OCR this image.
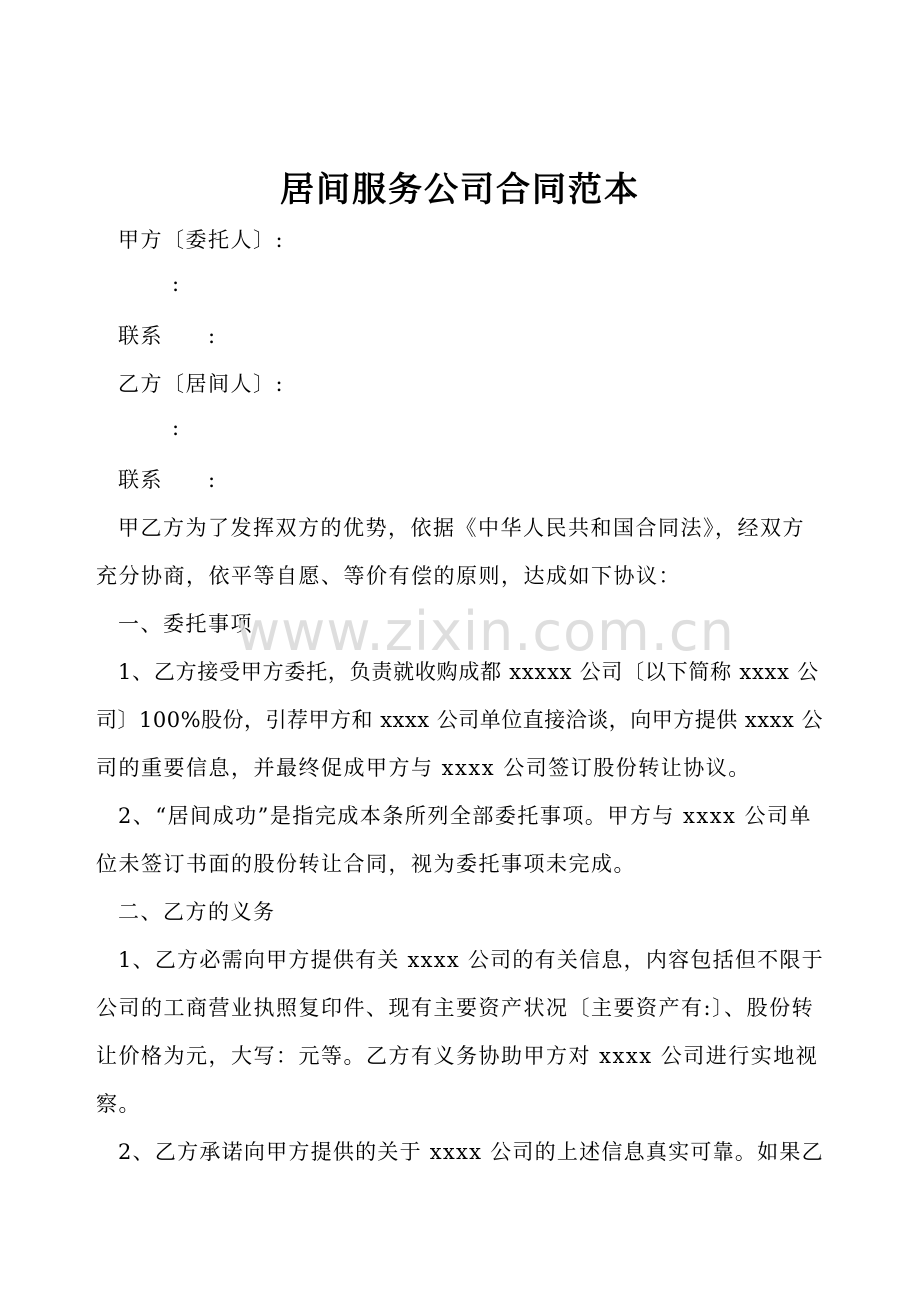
居间服务公司合同范本
甲方〔委托人〕:
:
联系　　:
乙方〔居间人〕:
:
联系　　:
甲乙方为了发挥双方的优势，依据《中华人民共和国合同法》，经双方
充分协商，依平等自愿、等价有偿的原则，达成如下协议：
一、委托事项
1、乙方接受甲方委托，负责就收购成都 xxxxx 公司〔以下简称 xxxx 公
司〕100%股份，引荐甲方和 xxxx 公司单位直接洽谈，向甲方提供 xxxx 公
司的重要信息，并最终促成甲方与 xxxx 公司签订股份转让协议。
2、“居间成功”是指完成本条所列全部委托事项。甲方与 xxxx 公司单
位未签订书面的股份转让合同，视为委托事项未完成。
二、乙方的义务
1、乙方必需向甲方提供有关 xxxx 公司的有关信息，内容包括但不限于
公司的工商营业执照复印件、现有主要资产状况〔主要资产有:〕、股份转
让价格为元，大写：元等。乙方有义务协助甲方对 xxxx 公司进行实地视
察。
2、乙方承诺向甲方提供的关于 xxxx 公司的上述信息真实可靠。如果乙
www.zixin.com.cn
